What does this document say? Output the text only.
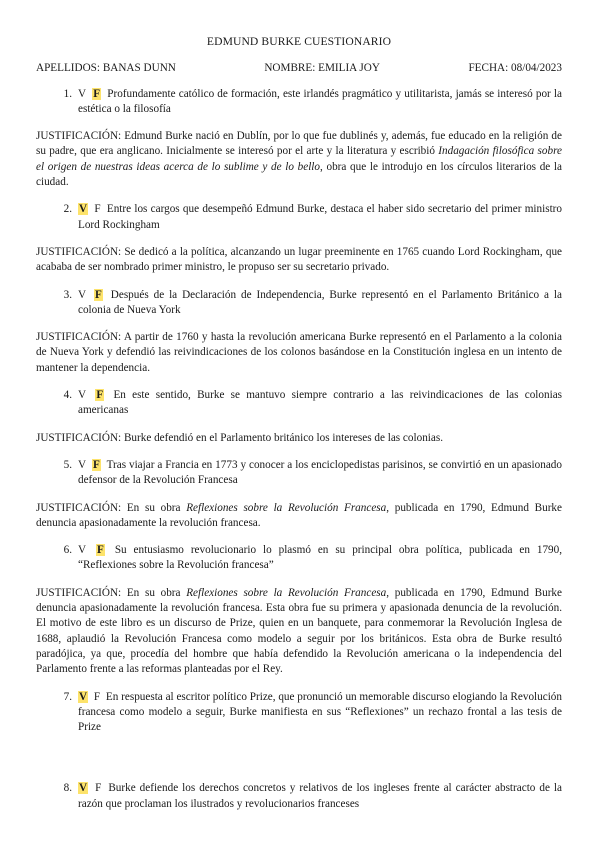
EDMUND BURKE CUESTIONARIO
APELLIDOS: BANAS DUNN	NOMBRE: EMILIA JOY	FECHA: 08/04/2023
1. V F Profundamente católico de formación, este irlandés pragmático y utilitarista, jamás se interesó por la estética o la filosofía
JUSTIFICACIÓN: Edmund Burke nació en Dublín, por lo que fue dublinés y, además, fue educado en la religión de su padre, que era anglicano. Inicialmente se interesó por el arte y la literatura y escribió Indagación filosófica sobre el origen de nuestras ideas acerca de lo sublime y de lo bello, obra que le introdujo en los círculos literarios de la ciudad.
2. V F Entre los cargos que desempeñó Edmund Burke, destaca el haber sido secretario del primer ministro Lord Rockingham
JUSTIFICACIÓN: Se dedicó a la política, alcanzando un lugar preeminente en 1765 cuando Lord Rockingham, que acababa de ser nombrado primer ministro, le propuso ser su secretario privado.
3. V F Después de la Declaración de Independencia, Burke representó en el Parlamento Británico a la colonia de Nueva York
JUSTIFICACIÓN: A partir de 1760 y hasta la revolución americana Burke representó en el Parlamento a la colonia de Nueva York y defendió las reivindicaciones de los colonos basándose en la Constitución inglesa en un intento de mantener la dependencia.
4. V F En este sentido, Burke se mantuvo siempre contrario a las reivindicaciones de las colonias americanas
JUSTIFICACIÓN: Burke defendió en el Parlamento británico los intereses de las colonias.
5. V F Tras viajar a Francia en 1773 y conocer a los enciclopedistas parisinos, se convirtió en un apasionado defensor de la Revolución Francesa
JUSTIFICACIÓN: En su obra Reflexiones sobre la Revolución Francesa, publicada en 1790, Edmund Burke denuncia apasionadamente la revolución francesa.
6. V F Su entusiasmo revolucionario lo plasmó en su principal obra política, publicada en 1790, “Reflexiones sobre la Revolución francesa”
JUSTIFICACIÓN: En su obra Reflexiones sobre la Revolución Francesa, publicada en 1790, Edmund Burke denuncia apasionadamente la revolución francesa. Esta obra fue su primera y apasionada denuncia de la revolución. El motivo de este libro es un discurso de Prize, quien en un banquete, para conmemorar la Revolución Inglesa de 1688, aplaudió la Revolución Francesa como modelo a seguir por los británicos. Esta obra de Burke resultó paradójica, ya que, procedía del hombre que había defendido la Revolución americana o la independencia del Parlamento frente a las reformas planteadas por el Rey.
7. V F En respuesta al escritor político Prize, que pronunció un memorable discurso elogiando la Revolución francesa como modelo a seguir, Burke manifiesta en sus “Reflexiones” un rechazo frontal a las tesis de Prize
8. V F Burke defiende los derechos concretos y relativos de los ingleses frente al carácter abstracto de la razón que proclaman los ilustrados y revolucionarios franceses
